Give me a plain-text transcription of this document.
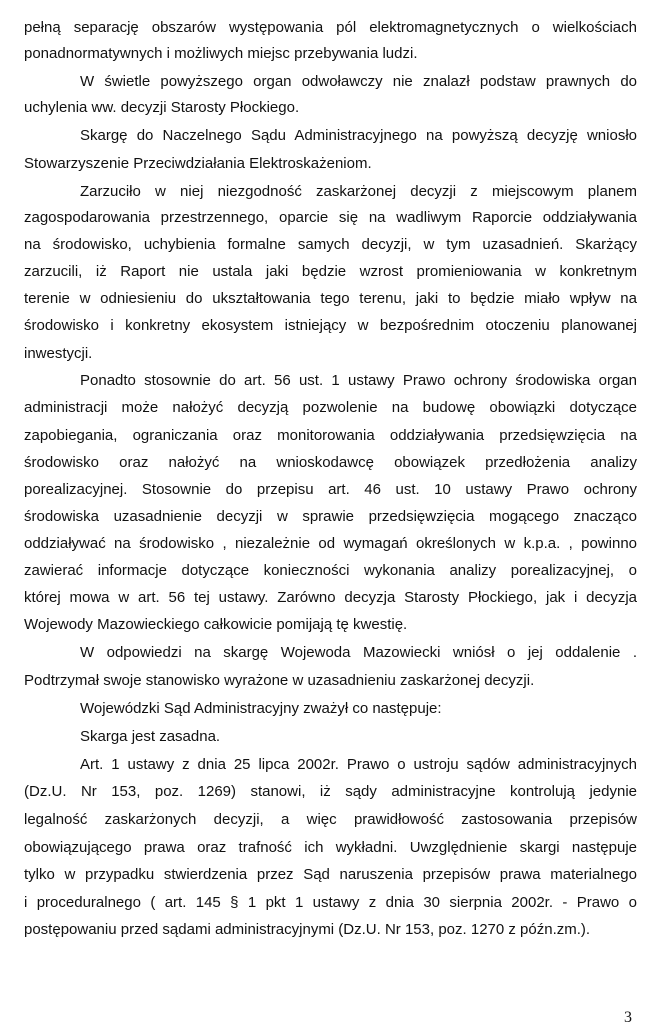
pełną separację obszarów występowania pól elektromagnetycznych o wielkościach

ponadnormatywnych i możliwych miejsc przebywania ludzi.

W świetle powyższego organ odwoławczy nie znalazł podstaw prawnych do

uchylenia ww. decyzji Starosty Płockiego.

Skargę do Naczelnego Sądu Administracyjnego na powyższą decyzję wniosło

Stowarzyszenie Przeciwdziałania Elektroskażeniom.

Zarzuciło w niej niezgodność zaskarżonej decyzji z miejscowym planem

zagospodarowania przestrzennego, oparcie się na wadliwym Raporcie oddziaływania

na środowisko, uchybienia formalne samych decyzji, w tym uzasadnień. Skarżący

zarzucili, iż Raport nie ustala jaki będzie wzrost promieniowania w konkretnym

terenie w odniesieniu do ukształtowania tego terenu, jaki to będzie miało wpływ na

środowisko i konkretny ekosystem istniejący w bezpośrednim otoczeniu planowanej

inwestycji.

Ponadto stosownie do art. 56 ust. 1 ustawy Prawo ochrony środowiska organ

administracji może nałożyć decyzją pozwolenie na budowę obowiązki dotyczące

zapobiegania, ograniczania oraz monitorowania oddziaływania przedsięwzięcia na

środowisko oraz nałożyć na wnioskodawcę obowiązek przedłożenia analizy

porealizacyjnej. Stosownie do przepisu art. 46 ust. 10 ustawy Prawo ochrony

środowiska uzasadnienie decyzji w sprawie przedsięwzięcia mogącego znacząco

oddziaływać na środowisko , niezależnie od wymagań określonych w k.p.a. , powinno

zawierać informacje dotyczące konieczności wykonania analizy porealizacyjnej, o

której mowa w art. 56 tej ustawy. Zarówno decyzja Starosty Płockiego, jak i decyzja

Wojewody Mazowieckiego całkowicie pomijają tę kwestię.

W odpowiedzi na skargę Wojewoda Mazowiecki wniósł o jej oddalenie .

Podtrzymał swoje stanowisko wyrażone w uzasadnieniu zaskarżonej decyzji.

Wojewódzki Sąd Administracyjny zważył co następuje:

Skarga jest zasadna.

Art. 1 ustawy z dnia 25 lipca 2002r. Prawo o ustroju sądów administracyjnych

(Dz.U. Nr 153, poz. 1269) stanowi, iż sądy administracyjne kontrolują jedynie

legalność zaskarżonych decyzji, a więc prawidłowość zastosowania przepisów

obowiązującego prawa oraz trafność ich wykładni. Uwzględnienie skargi następuje

tylko w przypadku stwierdzenia przez Sąd naruszenia przepisów prawa materialnego

i proceduralnego ( art. 145 § 1 pkt 1 ustawy z dnia 30 sierpnia 2002r. - Prawo o

postępowaniu przed sądami administracyjnymi (Dz.U. Nr 153, poz. 1270 z późn.zm.).

3
